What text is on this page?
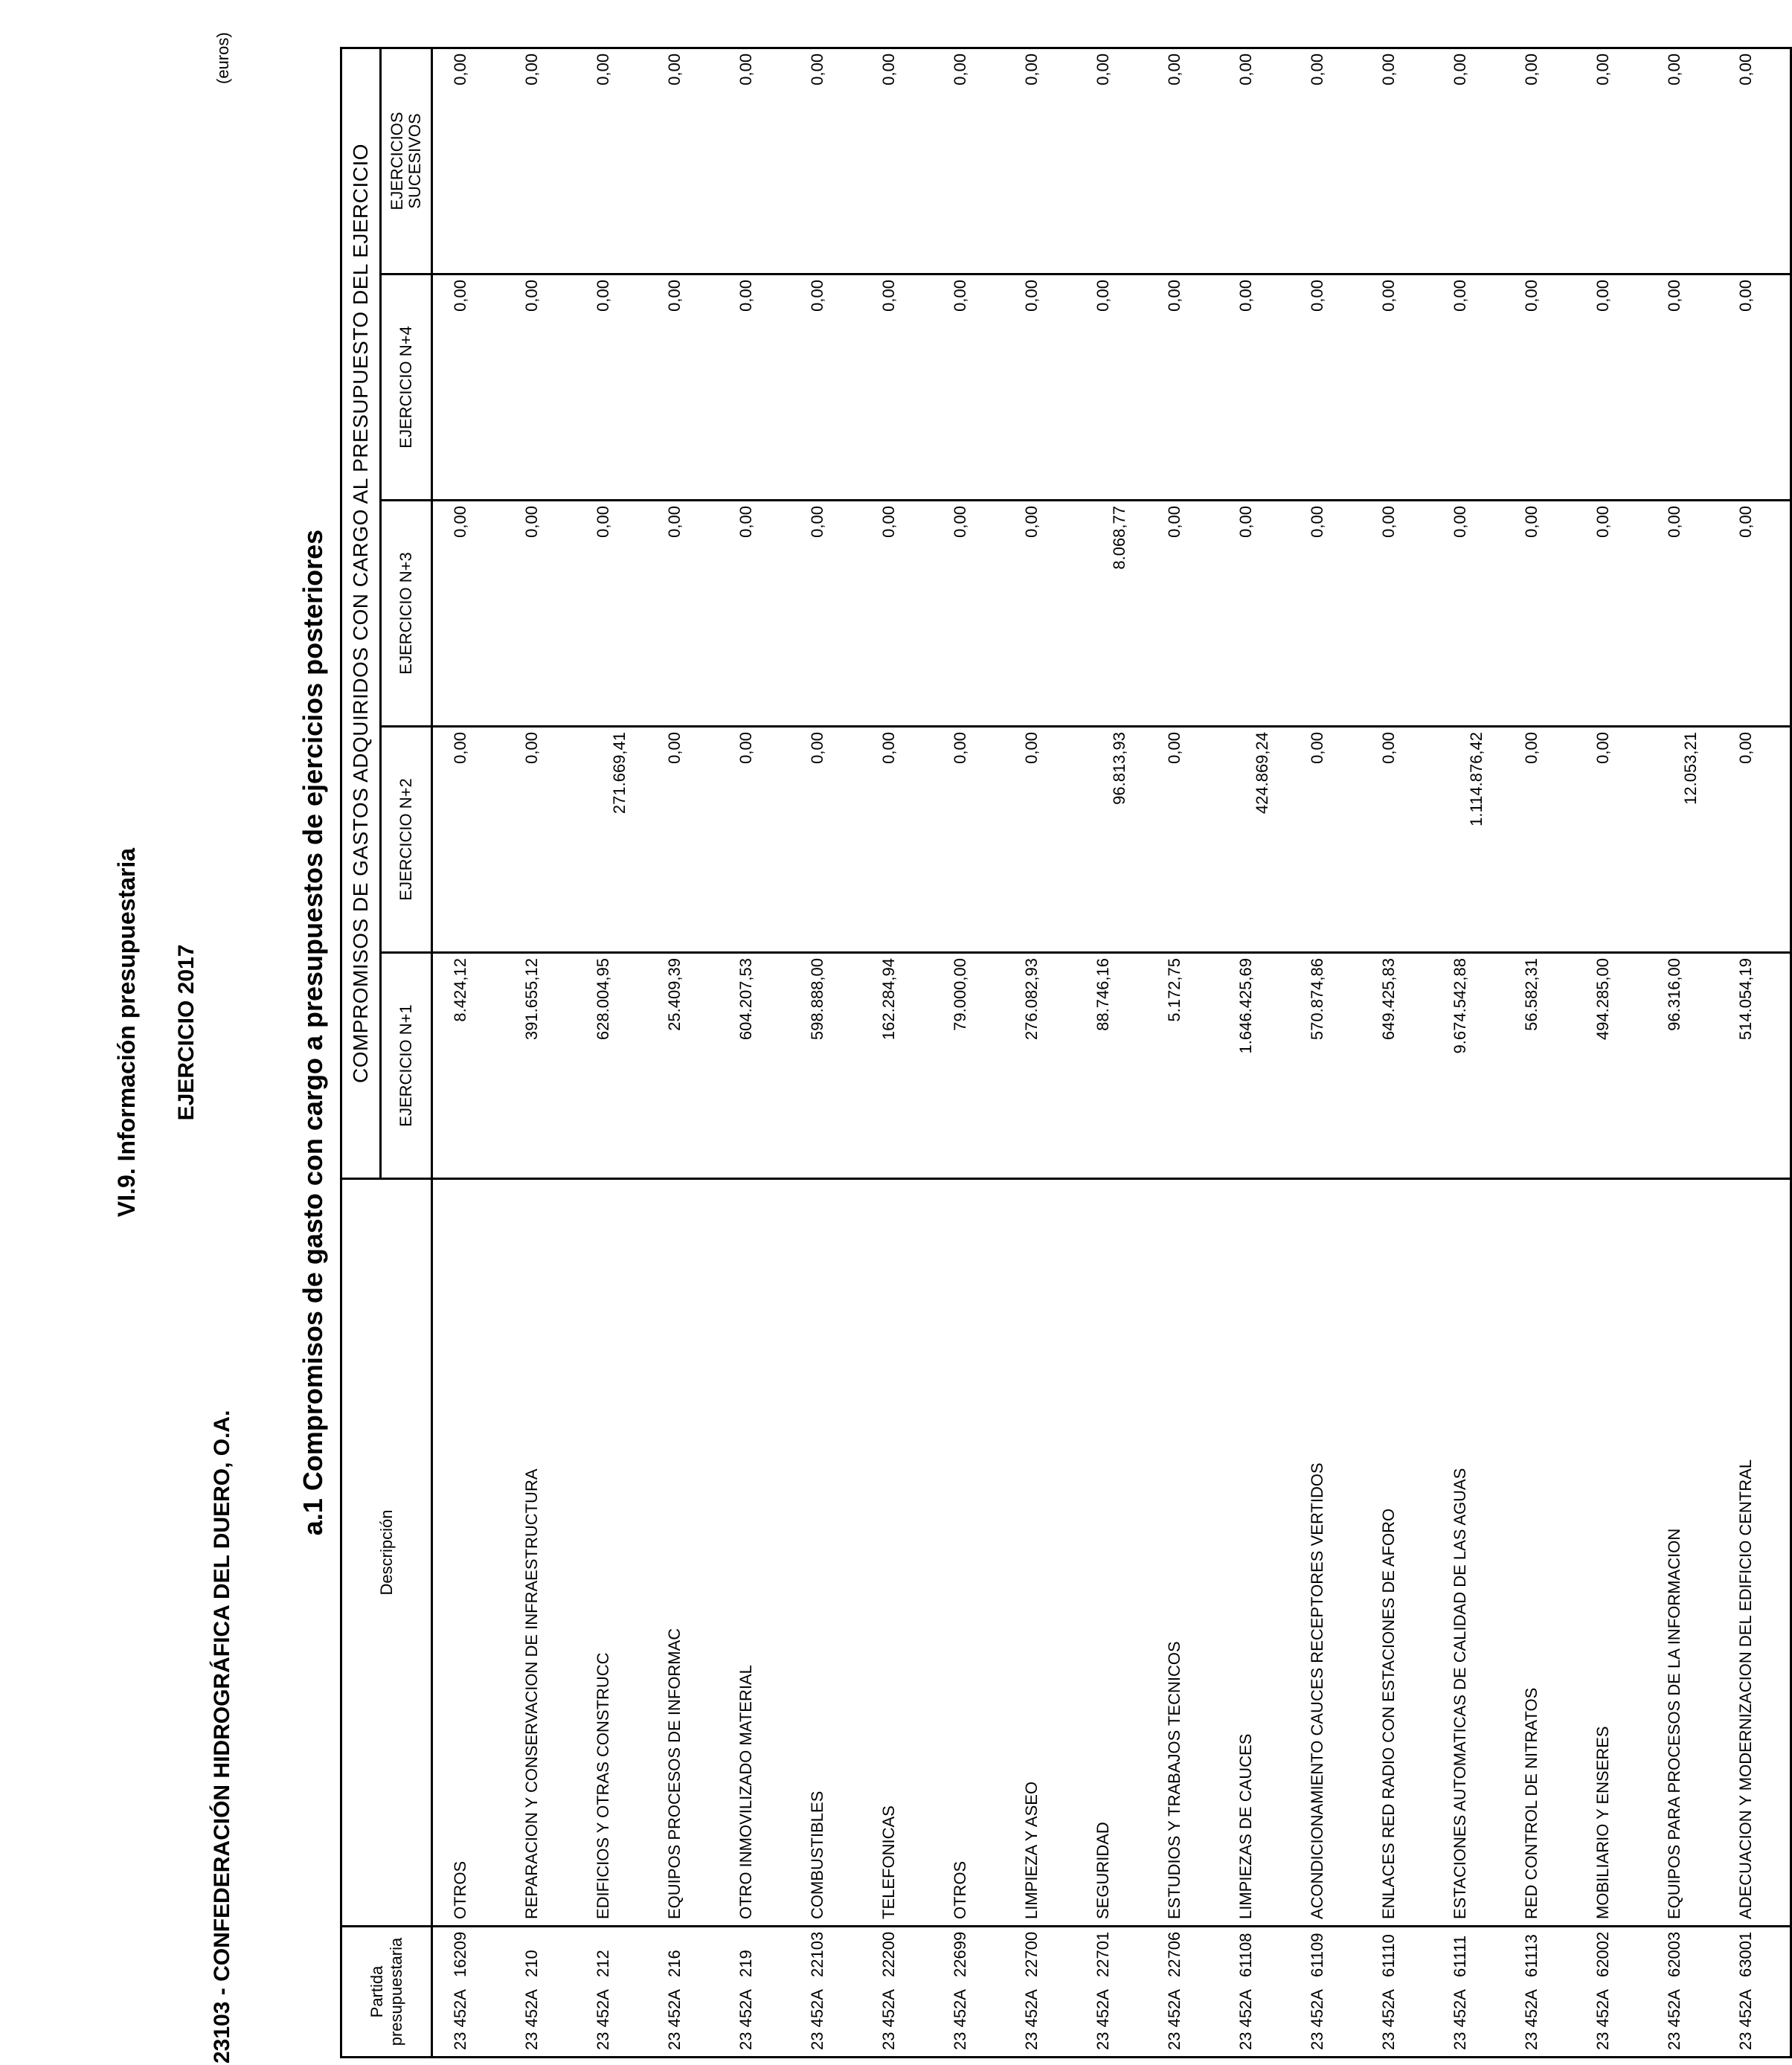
VI.9. Información presupuestaria EJERCICIO 2017
23103 - CONFEDERACIÓN HIDROGRÁFICA DEL DUERO, O.A.
a.1 Compromisos de gasto con cargo a presupuestos de ejercicios posteriores
(euros)
Partida presupuestaria	Descripción	COMPROMISOS DE GASTOS ADQUIRIDOS CON CARGO AL PRESUPUESTO DEL EJERCICIO				
		EJERCICIO N+1	EJERCICIO N+2	EJERCICIO N+3	EJERCICIO N+4	EJERCICIOS SUCESIVOS

23 452A16209	OTROS	8.424,12	0,00	0,00	0,00	0,00
23 452A210	REPARACION Y CONSERVACION DE INFRAESTRUCTURA	391.655,12	0,00	0,00	0,00	0,00
23 452A212	EDIFICIOS Y OTRAS CONSTRUCC	628.004,95	271.669,41	0,00	0,00	0,00
23 452A216	EQUIPOS PROCESOS DE INFORMAC	25.409,39	0,00	0,00	0,00	0,00
23 452A219	OTRO INMOVILIZADO MATERIAL	604.207,53	0,00	0,00	0,00	0,00
23 452A22103	COMBUSTIBLES	598.888,00	0,00	0,00	0,00	0,00
23 452A22200	TELEFONICAS	162.284,94	0,00	0,00	0,00	0,00
23 452A22699	OTROS	79.000,00	0,00	0,00	0,00	0,00
23 452A22700	LIMPIEZA Y ASEO	276.082,93	0,00	0,00	0,00	0,00
23 452A22701	SEGURIDAD	88.746,16	96.813,93	8.068,77	0,00	0,00
23 452A22706	ESTUDIOS Y TRABAJOS TECNICOS	5.172,75	0,00	0,00	0,00	0,00
23 452A61108	LIMPIEZAS DE CAUCES	1.646.425,69	424.869,24	0,00	0,00	0,00
23 452A61109	ACONDICIONAMIENTO CAUCES RECEPTORES VERTIDOS	570.874,86	0,00	0,00	0,00	0,00
23 452A61110	ENLACES RED RADIO CON ESTACIONES DE AFORO	649.425,83	0,00	0,00	0,00	0,00
23 452A61111	ESTACIONES AUTOMATICAS DE CALIDAD DE LAS AGUAS	9.674.542,88	1.114.876,42	0,00	0,00	0,00
23 452A61113	RED CONTROL DE NITRATOS	56.582,31	0,00	0,00	0,00	0,00
23 452A62002	MOBILIARIO Y ENSERES	494.285,00	0,00	0,00	0,00	0,00
23 452A62003	EQUIPOS PARA PROCESOS DE LA INFORMACION	96.316,00	12.053,21	0,00	0,00	0,00
23 452A63001	ADECUACION Y MODERNIZACION DEL EDIFICIO CENTRAL	514.054,19	0,00	0,00	0,00	0,00
